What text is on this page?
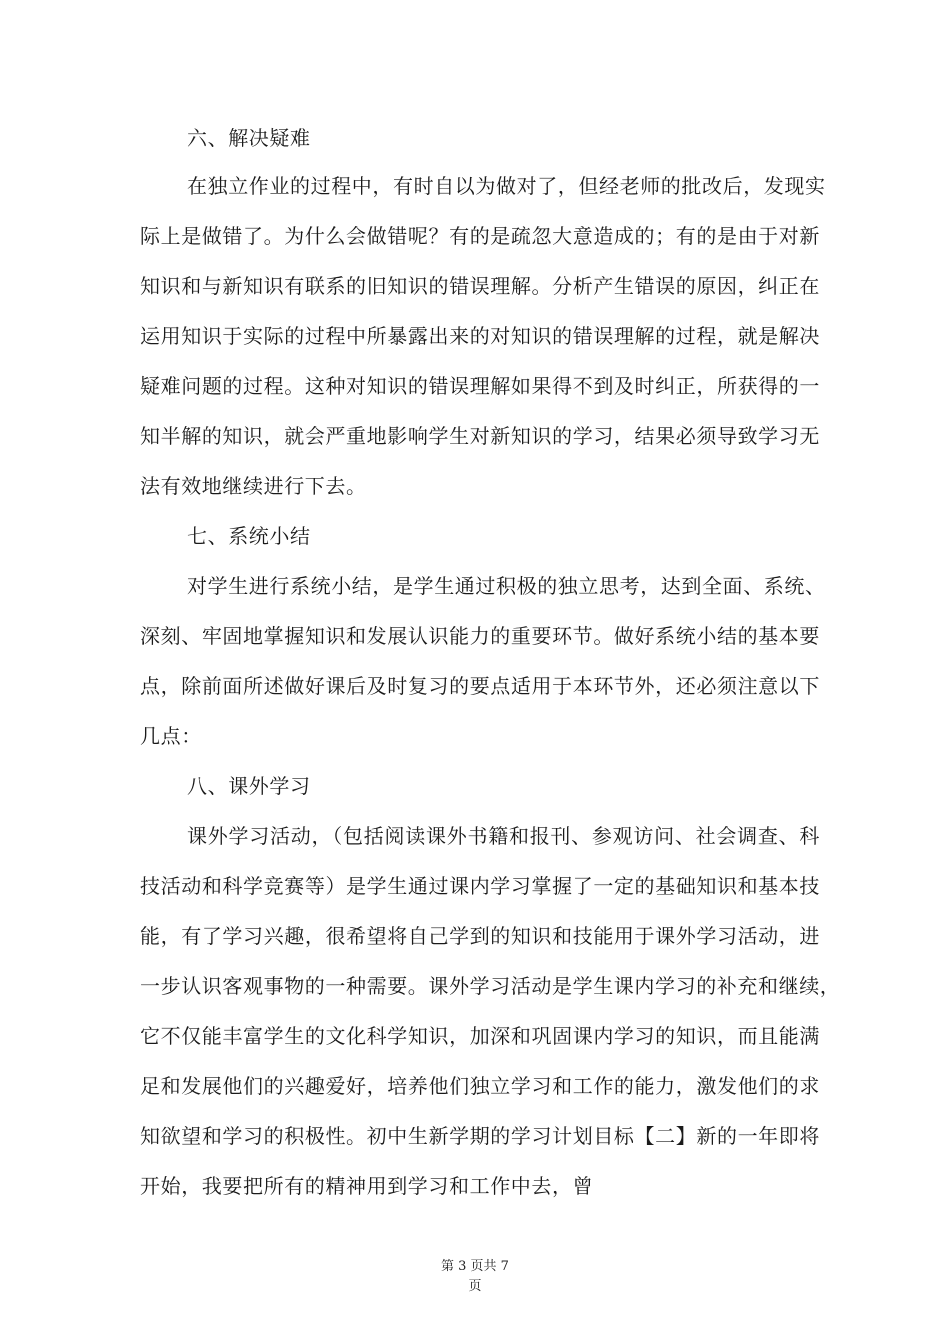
六、解决疑难
在独立作业的过程中，有时自以为做对了，但经老师的批改后，发现实
际上是做错了。为什么会做错呢？有的是疏忽大意造成的；有的是由于对新
知识和与新知识有联系的旧知识的错误理解。分析产生错误的原因，纠正在
运用知识于实际的过程中所暴露出来的对知识的错误理解的过程，就是解决
疑难问题的过程。这种对知识的错误理解如果得不到及时纠正，所获得的一
知半解的知识，就会严重地影响学生对新知识的学习，结果必须导致学习无
法有效地继续进行下去。
七、系统小结
对学生进行系统小结，是学生通过积极的独立思考，达到全面、系统、
深刻、牢固地掌握知识和发展认识能力的重要环节。做好系统小结的基本要
点，除前面所述做好课后及时复习的要点适用于本环节外，还必须注意以下
几点：
八、课外学习
课外学习活动，（包括阅读课外书籍和报刊、参观访问、社会调查、科
技活动和科学竞赛等）是学生通过课内学习掌握了一定的基础知识和基本技
能，有了学习兴趣，很希望将自己学到的知识和技能用于课外学习活动，进
一步认识客观事物的一种需要。课外学习活动是学生课内学习的补充和继续，
它不仅能丰富学生的文化科学知识，加深和巩固课内学习的知识，而且能满
足和发展他们的兴趣爱好，培养他们独立学习和工作的能力，激发他们的求
知欲望和学习的积极性。初中生新学期的学习计划目标【二】新的一年即将
开始，我要把所有的精神用到学习和工作中去，曾
第 3 页共 7
页
